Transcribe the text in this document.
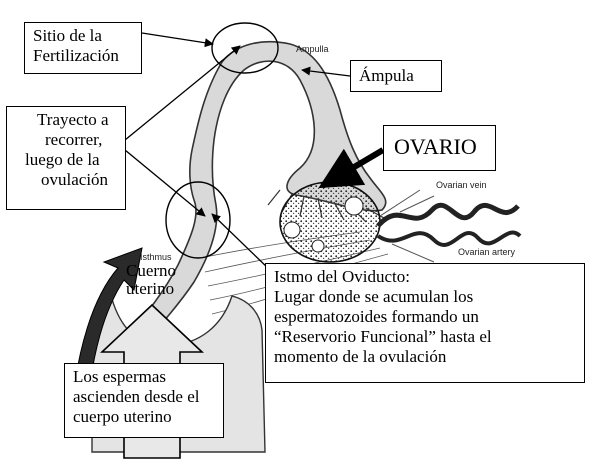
Sitio de la
Fertilización
Ámpula
Trayecto a
recorrer,
luego de la
ovulación
OVARIO
Istmo del Oviducto:
Lugar donde se acumulan los
espermatozoides formando un
“Reservorio Funcional” hasta el
momento de la ovulación
Los espermas
ascienden desde el
cuerpo uterino
Ampulla
Ovarian vein
Ovarian artery
Isthmus
Cuerno
uterino
